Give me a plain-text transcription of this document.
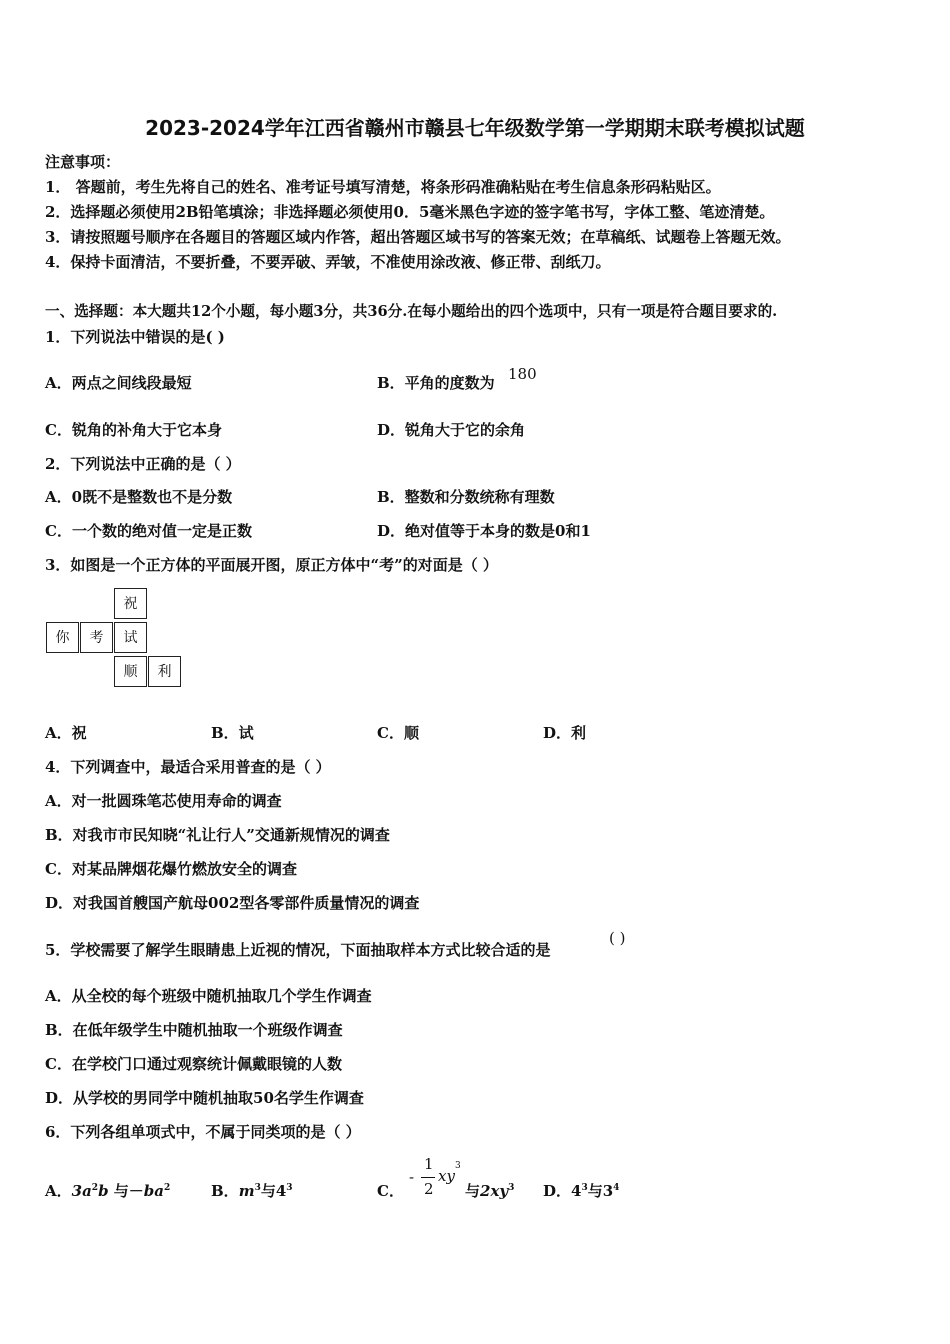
2023-2024学年江西省赣州市赣县七年级数学第一学期期末联考模拟试题
注意事项：
1． 答题前，考生先将自己的姓名、准考证号填写清楚，将条形码准确粘贴在考生信息条形码粘贴区。
2．选择题必须使用2B铅笔填涂；非选择题必须使用0．5毫米黑色字迹的签字笔书写，字体工整、笔迹清楚。
3．请按照题号顺序在各题目的答题区域内作答，超出答题区域书写的答案无效；在草稿纸、试题卷上答题无效。
4．保持卡面清洁，不要折叠，不要弄破、弄皱，不准使用涂改液、修正带、刮纸刀。
一、选择题：本大题共12个小题，每小题3分，共36分.在每小题给出的四个选项中，只有一项是符合题目要求的.
1．下列说法中错误的是( )
A．两点之间线段最短	B．平角的度数为 180
C．锐角的补角大于它本身	D．锐角大于它的余角
2．下列说法中正确的是（ ）
A．0既不是整数也不是分数	B．整数和分数统称有理数
C．一个数的绝对值一定是正数	D．绝对值等于本身的数是0和1
3．如图是一个正方体的平面展开图，原正方体中“考”的对面是（ ）
祝
你	考	试
顺	利
A．祝	B．试	C．顺	D．利
4．下列调查中，最适合采用普查的是（ ）
A．对一批圆珠笔芯使用寿命的调查
B．对我市市民知晓“礼让行人”交通新规情况的调查
C．对某品牌烟花爆竹燃放安全的调查
D．对我国首艘国产航母002型各零部件质量情况的调查
5．学校需要了解学生眼睛患上近视的情况，下面抽取样本方式比较合适的是
( )
A．从全校的每个班级中随机抽取几个学生作调查
B．在低年级学生中随机抽取一个班级作调查
C．在学校门口通过观察统计佩戴眼镜的人数
D．从学校的男同学中随机抽取50名学生作调查
6．下列各组单项式中，不属于同类项的是（ ）
A．$3a^2b$ 与$-ba^2$	B．$m^3$与$4^3$	C．
-
1
2
xy
3
与$2xy^3$ D．$4^3$与$3^4$
